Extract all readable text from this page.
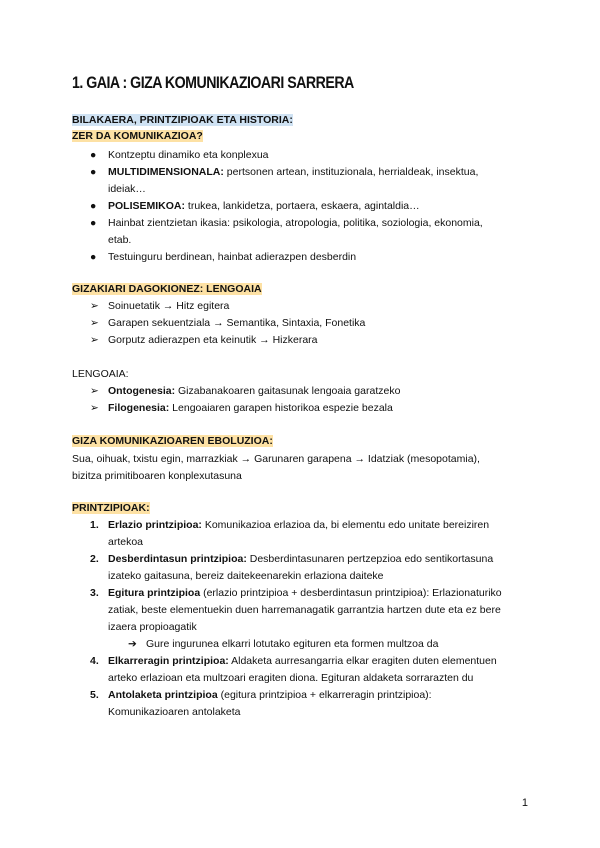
1. GAIA : GIZA KOMUNIKAZIOARI SARRERA
BILAKAERA, PRINTZIPIOAK ETA HISTORIA:
ZER DA KOMUNIKAZIOA?
● Kontzeptu dinamiko eta konplexua
● MULTIDIMENSIONALA: pertsonen artean, instituzionala, herrialdeak, insektua,
ideiak…
● POLISEMIKOA: trukea, lankidetza, portaera, eskaera, agintaldia…
● Hainbat zientzietan ikasia: psikologia, atropologia, politika, soziologia, ekonomia,
etab.
● Testuinguru berdinean, hainbat adierazpen desberdin
GIZAKIARI DAGOKIONEZ: LENGOAIA
➢ Soinuetatik → Hitz egitera
➢ Garapen sekuentziala → Semantika, Sintaxia, Fonetika
➢ Gorputz adierazpen eta keinutik → Hizkerara
LENGOAIA:
➢ Ontogenesia: Gizabanakoaren gaitasunak lengoaia garatzeko
➢ Filogenesia: Lengoaiaren garapen historikoa espezie bezala
GIZA KOMUNIKAZIOAREN EBOLUZIOA:
Sua, oihuak, txistu egin, marrazkiak → Garunaren garapena → Idatziak (mesopotamia),
bizitza primitiboaren konplexutasuna
PRINTZIPIOAK:
1. Erlazio printzipioa: Komunikazioa erlazioa da, bi elementu edo unitate bereiziren
artekoa
2. Desberdintasun printzipioa: Desberdintasunaren pertzepzioa edo sentikortasuna
izateko gaitasuna, bereiz daitekeenarekin erlaziona daiteke
3. Egitura printzipioa (erlazio printzipioa + desberdintasun printzipioa): Erlazionaturiko
zatiak, beste elementuekin duen harremanagatik garrantzia hartzen dute eta ez bere
izaera propioagatik
➔ Gure ingurunea elkarri lotutako egituren eta formen multzoa da
4. Elkarreragin printzipioa: Aldaketa aurresangarria elkar eragiten duten elementuen
arteko erlazioan eta multzoari eragiten diona. Egituran aldaketa sorrarazten du
5. Antolaketa printzipioa (egitura printzipioa + elkarreragin printzipioa):
Komunikazioaren antolaketa
1
